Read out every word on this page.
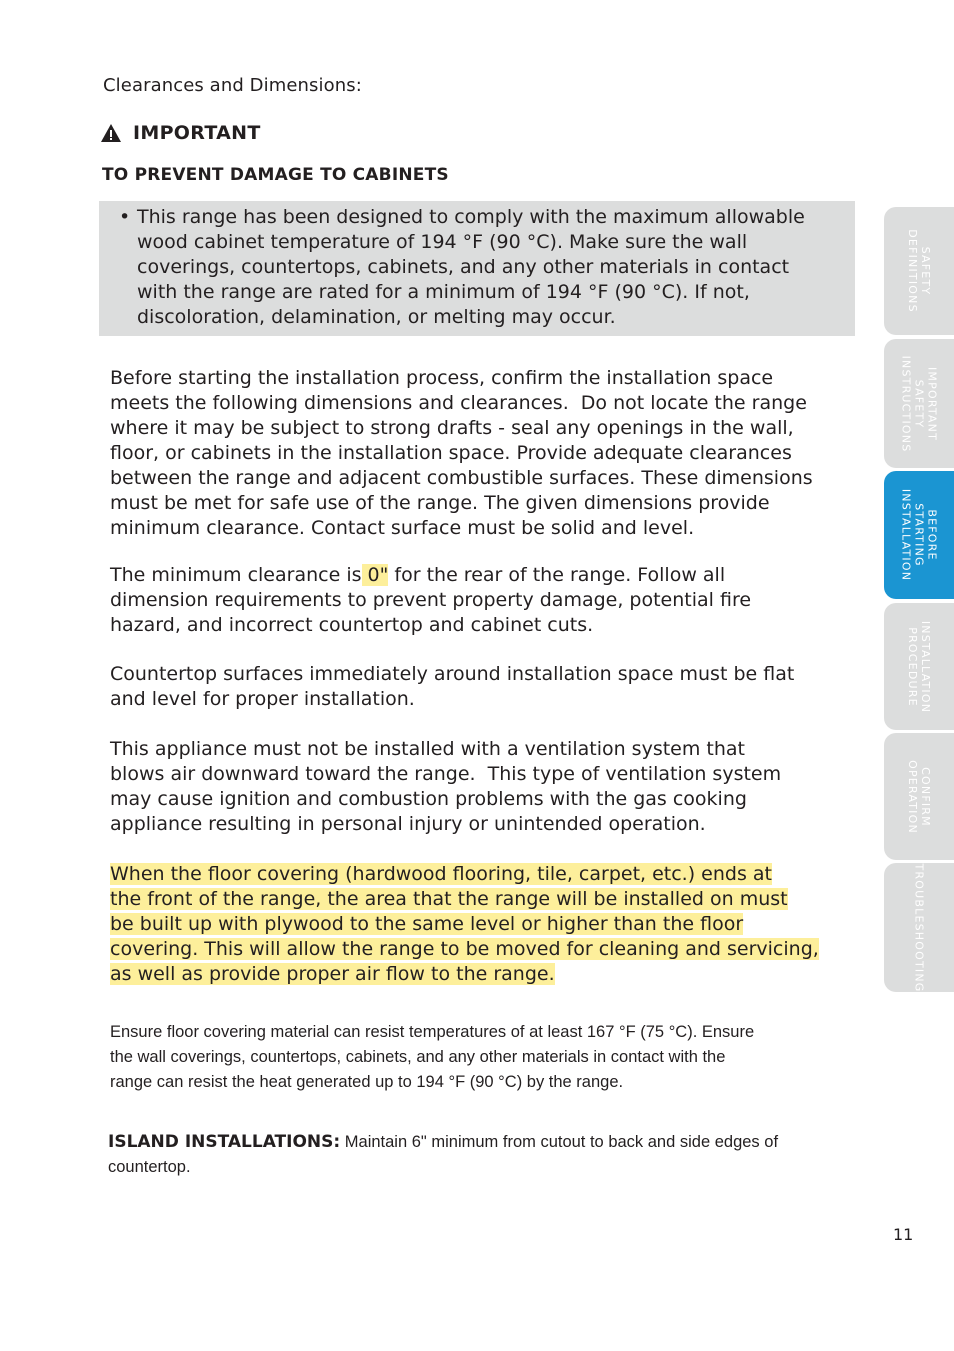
Clearances and Dimensions:
IMPORTANT
TO PREVENT DAMAGE TO CABINETS
• This range has been designed to comply with the maximum allowable
wood cabinet temperature of 194 °F (90 °C). Make sure the wall
coverings, countertops, cabinets, and any other materials in contact
with the range are rated for a minimum of 194 °F (90 °C). If not,
discoloration, delamination, or melting may occur.
Before starting the installation process, confirm the installation space
meets the following dimensions and clearances.  Do not locate the range
where it may be subject to strong drafts - seal any openings in the wall,
floor, or cabinets in the installation space. Provide adequate clearances
between the range and adjacent combustible surfaces. These dimensions
must be met for safe use of the range. The given dimensions provide
minimum clearance. Contact surface must be solid and level.
The minimum clearance is 0" for the rear of the range. Follow all
dimension requirements to prevent property damage, potential fire
hazard, and incorrect countertop and cabinet cuts.
Countertop surfaces immediately around installation space must be flat
and level for proper installation.
This appliance must not be installed with a ventilation system that
blows air downward toward the range.  This type of ventilation system
may cause ignition and combustion problems with the gas cooking
appliance resulting in personal injury or unintended operation.
When the floor covering (hardwood flooring, tile, carpet, etc.) ends at
the front of the range, the area that the range will be installed on must
be built up with plywood to the same level or higher than the floor
covering. This will allow the range to be moved for cleaning and servicing,
as well as provide proper air flow to the range.
Ensure floor covering material can resist temperatures of at least 167 °F (75 °C). Ensure
the wall coverings, countertops, cabinets, and any other materials in contact with the
range can resist the heat generated up to 194 °F (90 °C) by the range.
ISLAND INSTALLATIONS: Maintain 6" minimum from cutout to back and side edges of
countertop.
SAFETY
DEFINITIONS
IMPORTANT
SAFETY
INSTRUCTIONS
BEFORE
STARTING
INSTALLATION
INSTALLATION
PROCEDURE
CONFIRM
OPERATION
TROUBLESHOOTING
11
